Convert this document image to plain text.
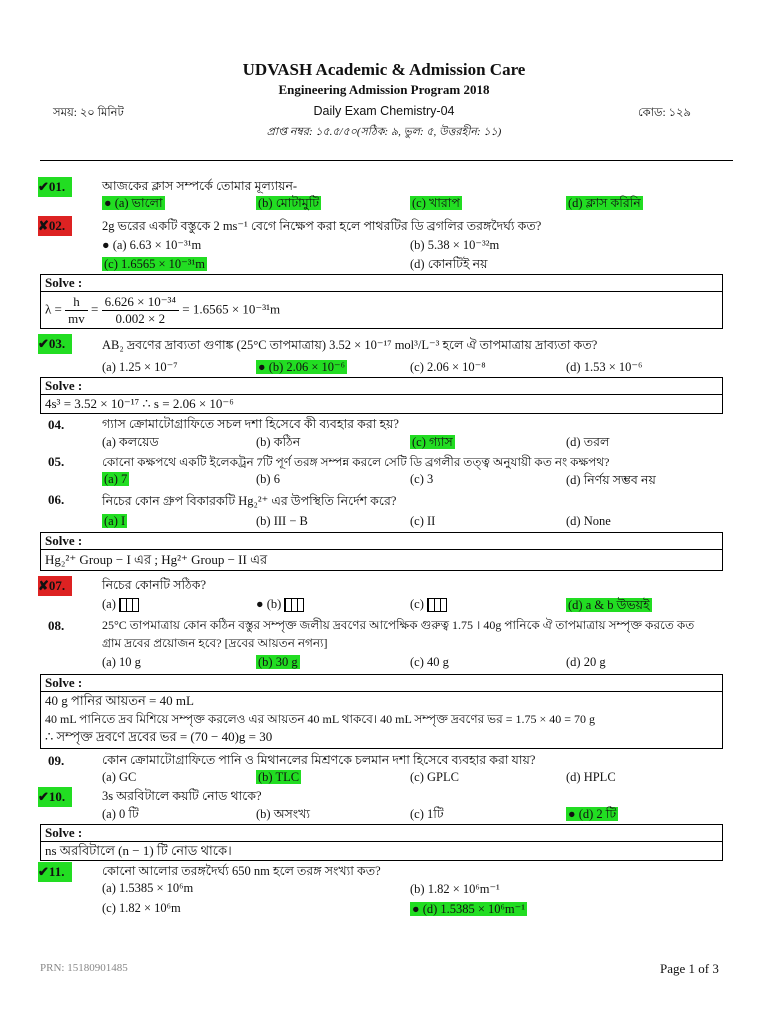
UDVASH Academic & Admission Care
Engineering Admission Program 2018
সময়: ২০ মিনিট	Daily Exam Chemistry-04	কোড: ১২৯
প্রাপ্ত নম্বর: ১৫.৫/৫০(সঠিক: ৯, ভুল: ৫, উত্তরহীন: ১১)
✔01.	আজকের ক্লাস সম্পর্কে তোমার মূল্যায়ন-
● (a) ভালো	(b) মোটামুটি	(c) খারাপ	(d) ক্লাস করিনি
✘02.	2g ভরের একটি বস্তুকে 2 ms⁻¹ বেগে নিক্ষেপ করা হলে পাথরটির ডি ব্রগলির তরঙ্গদৈর্ঘ্য কত?
● (a) 6.63 × 10⁻³¹m	(b) 5.38 × 10⁻³²m
(c) 1.6565 × 10⁻³¹m	(d) কোনটিই নয়
Solve :
$\lambda = \frac{h}{mv} = \frac{\text{6.626 × 10⁻³⁴}}{0.002 \times 2} = 1.6565 \times 10^{-31}m$
✔03.	AB₂ দ্রবণের দ্রাব্যতা গুণাঙ্ক (25°C তাপমাত্রায়) 3.52 × 10⁻¹⁷ mol³/L⁻³ হলে ঐ তাপমাত্রায় দ্রাব্যতা কত?
(a) 1.25 × 10⁻⁷	● (b) 2.06 × 10⁻⁶	(c) 2.06 × 10⁻⁸	(d) 1.53 × 10⁻⁶
Solve :
4s³ = 3.52 × 10⁻¹⁷ ∴ s = 2.06 × 10⁻⁶
04.	গ্যাস ক্রোমাটোগ্রাফিতে সচল দশা হিসেবে কী ব্যবহার করা হয়?
(a) কলয়েড	(b) কঠিন	(c) গ্যাস	(d) তরল
05.	কোনো কক্ষপথে একটি ইলেকট্রন 7টি পূর্ণ তরঙ্গ সম্পন্ন করলে সেটি ডি ব্রগলীর তত্ত্ব অনুযায়ী কত নং কক্ষপথ?
(a) 7	(b) 6	(c) 3	(d) নির্ণয় সম্ভব নয়
06.	নিচের কোন গ্রুপ বিকারকটি Hg₂²⁺ এর উপস্থিতি নির্দেশ করে?
(a) I	(b) III − B	(c) II	(d) None
Solve :
Hg₂²⁺ Group − I এর ; Hg²⁺ Group − II এর
✘07.	নিচের কোনটি সঠিক?
(a)	● (b)	(c)	(d) a & b উভয়ই
08.	25°C তাপমাত্রায় কোন কঠিন বস্তুর সম্পৃক্ত জলীয় দ্রবণের আপেক্ষিক গুরুত্ব 1.75 । 40g পানিকে ঐ তাপমাত্রায় সম্পৃক্ত করতে কত
গ্রাম দ্রবের প্রয়োজন হবে? [দ্রবের আয়তন নগন্য]
(a) 10 g	(b) 30 g	(c) 40 g	(d) 20 g
Solve :
40 g পানির আয়তন = 40 mL
40 mL পানিতে দ্রব মিশিয়ে সম্পৃক্ত করলেও এর আয়তন 40 mL থাকবে। 40 mL সম্পৃক্ত দ্রবণের ভর = 1.75 × 40 = 70 g
∴ সম্পৃক্ত দ্রবণে দ্রবের ভর = (70 − 40)g = 30
09.	কোন ক্রোমাটোগ্রাফিতে পানি ও মিথানলের মিশ্রণকে চলমান দশা হিসেবে ব্যবহার করা যায়?
(a) GC	(b) TLC	(c) GPLC	(d) HPLC
✔10.	3s অরবিটালে কয়টি নোড থাকে?
(a) 0 টি	(b) অসংখ্য	(c) 1টি	● (d) 2 টি
Solve :
ns অরবিটালে (n − 1) টি নোড থাকে।
✔11.	কোনো আলোর তরঙ্গদৈর্ঘ্য 650 nm হলে তরঙ্গ সংখ্যা কত?
(a) 1.5385 × 10⁶m	(b) 1.82 × 10⁶m⁻¹
(c) 1.82 × 10⁶m	● (d) 1.5385 × 10⁶m⁻¹
PRN: 15180901485	Page 1 of 3
